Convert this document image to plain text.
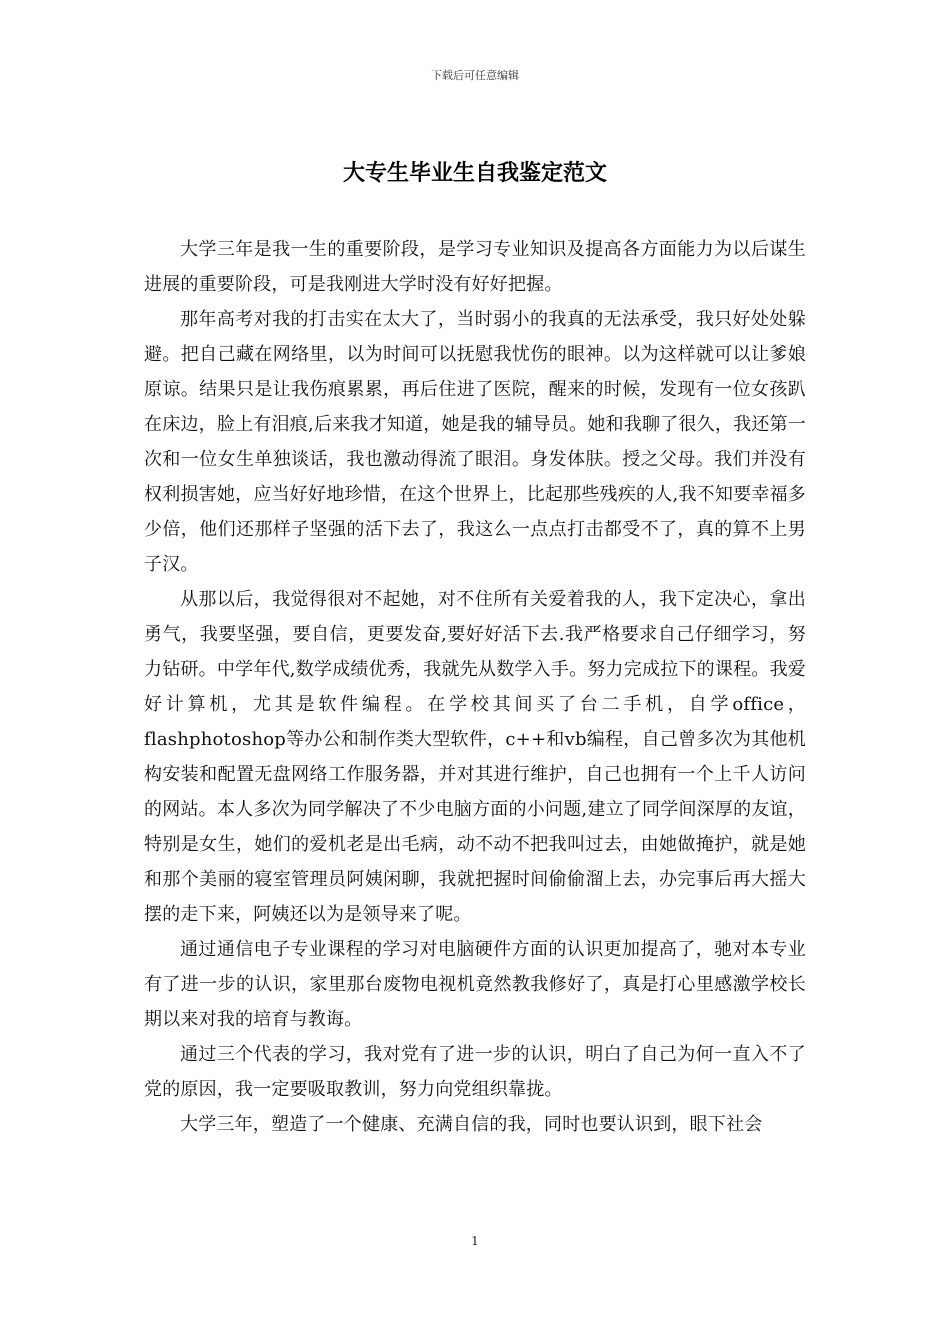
下载后可任意编辑
大专生毕业生自我鉴定范文

大学三年是我一生的重要阶段，是学习专业知识及提高各方面能力为以后谋生进展的重要阶段，可是我刚进大学时没有好好把握。

那年高考对我的打击实在太大了，当时弱小的我真的无法承受，我只好处处躲避。把自己藏在网络里，以为时间可以抚慰我忧伤的眼神。以为这样就可以让爹娘原谅。结果只是让我伤痕累累，再后住进了医院，醒来的时候，发现有一位女孩趴在床边，脸上有泪痕,后来我才知道，她是我的辅导员。她和我聊了很久，我还第一次和一位女生单独谈话，我也激动得流了眼泪。身发体肤。授之父母。我们并没有权利损害她，应当好好地珍惜，在这个世界上，比起那些残疾的人,我不知要幸福多少倍，他们还那样子坚强的活下去了，我这么一点点打击都受不了，真的算不上男子汉。

从那以后，我觉得很对不起她，对不住所有关爱着我的人，我下定决心，拿出勇气，我要坚强，要自信，更要发奋,要好好活下去.我严格要求自己仔细学习，努力钻研。中学年代,数学成绩优秀，我就先从数学入手。努力完成拉下的课程。我爱好计算机，尤其是软件编程。在学校其间买了台二手机，自学office，flashphotoshop等办公和制作类大型软件，c++和vb编程，自己曾多次为其他机构安装和配置无盘网络工作服务器，并对其进行维护，自己也拥有一个上千人访问的网站。本人多次为同学解决了不少电脑方面的小问题,建立了同学间深厚的友谊，特别是女生，她们的爱机老是出毛病，动不动不把我叫过去，由她做掩护，就是她和那个美丽的寝室管理员阿姨闲聊，我就把握时间偷偷溜上去，办完事后再大摇大摆的走下来，阿姨还以为是领导来了呢。

通过通信电子专业课程的学习对电脑硬件方面的认识更加提高了，驰对本专业有了进一步的认识，家里那台废物电视机竟然教我修好了，真是打心里感激学校长期以来对我的培育与教诲。

通过三个代表的学习，我对党有了进一步的认识，明白了自己为何一直入不了党的原因，我一定要吸取教训，努力向党组织靠拢。

大学三年，塑造了一个健康、充满自信的我，同时也要认识到，眼下社会

1
